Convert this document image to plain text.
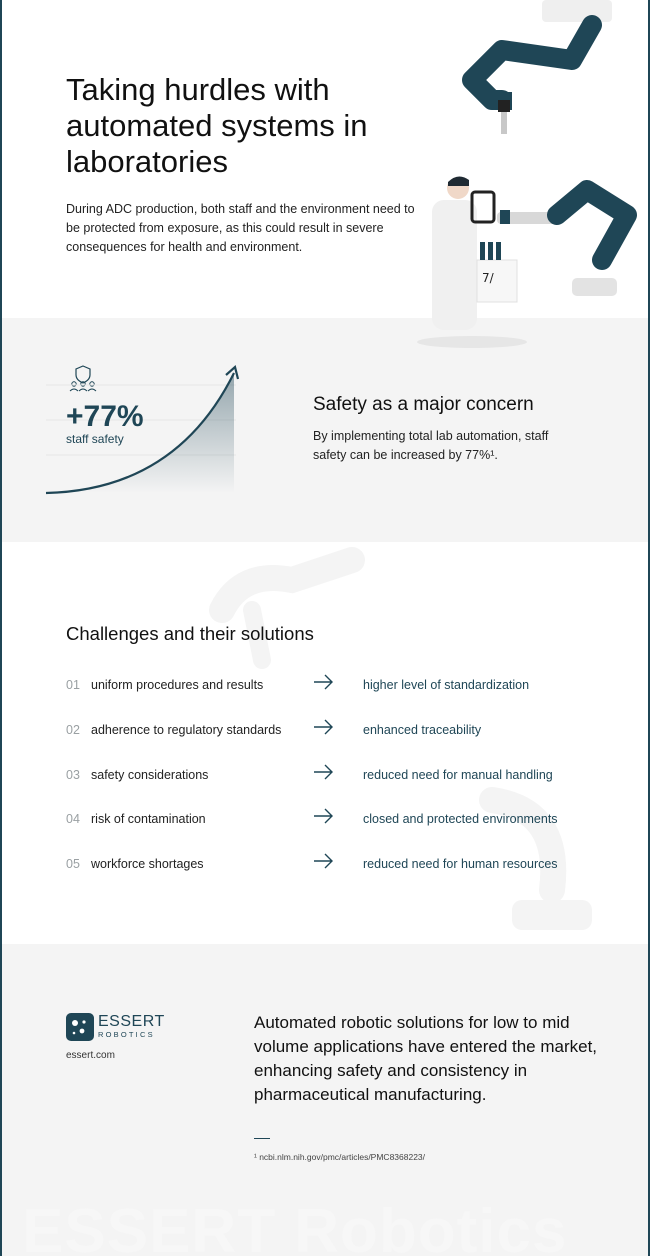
7/
Taking hurdles with automated systems in laboratories

During ADC production, both staff and the environment need to be protected from exposure, as this could result in severe consequences for health and environment.

+77%
staff safety
Safety as a major concern

By implementing total lab automation, staff safety can be increased by 77%¹.

Challenges and their solutions
01 uniform procedures and results	higher level of standardization
02 adherence to regulatory standards	enhanced traceability
03 safety considerations	reduced need for manual handling
04 risk of contamination	closed and protected environments
05 workforce shortages	reduced need for human resources
ESSERT
ROBOTICS
essert.com

Automated robotic solutions for low to mid volume applications have entered the market, enhancing safety and consistency in pharmaceutical manufacturing.

¹ ncbi.nlm.nih.gov/pmc/articles/PMC8368223/
ESSERT Robotics
